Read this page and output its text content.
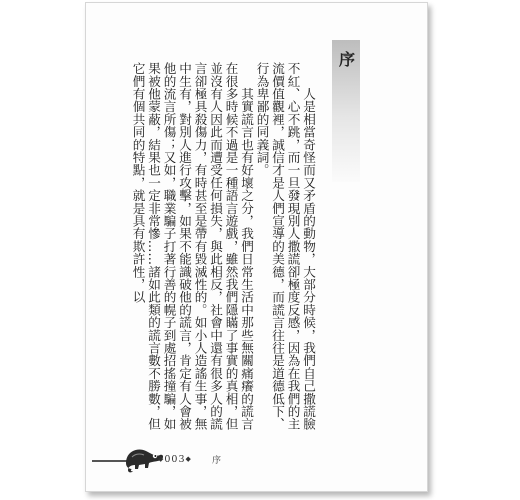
序
　　人是相當奇怪而又矛盾的動物，大部分時候，我們自己撒謊臉不紅、心不跳，而一旦發現別人撒謊卻極度反感，因為在我們的主流價值觀裡，誠信才是人們宣導的美德，而謊言往往是道德低下、行為卑鄙的同義詞。
　　其實謊言也有好壞之分，我們日常生活中那些無關痛癢的謊言在很多時候不過是一種語言遊戲，雖然我們隱瞞了事實的真相，但並沒有人因此而遭受任何損失，與此相反，社會中還有很多人的謊言卻極具殺傷力，有時甚至是帶有毀滅性的。如小人造謠生事，無中生有，對別人進行攻擊，如果不能識破他的謊言，肯定有人會被他的流言所傷；又如，職業騙子打著行善的幌子到處招搖撞騙，如果被他蒙蔽，結果也一定非常慘……諸如此類的謊言數不勝數，但它們有個共同的特點，就是具有欺許性，以
◆003◆ 序
